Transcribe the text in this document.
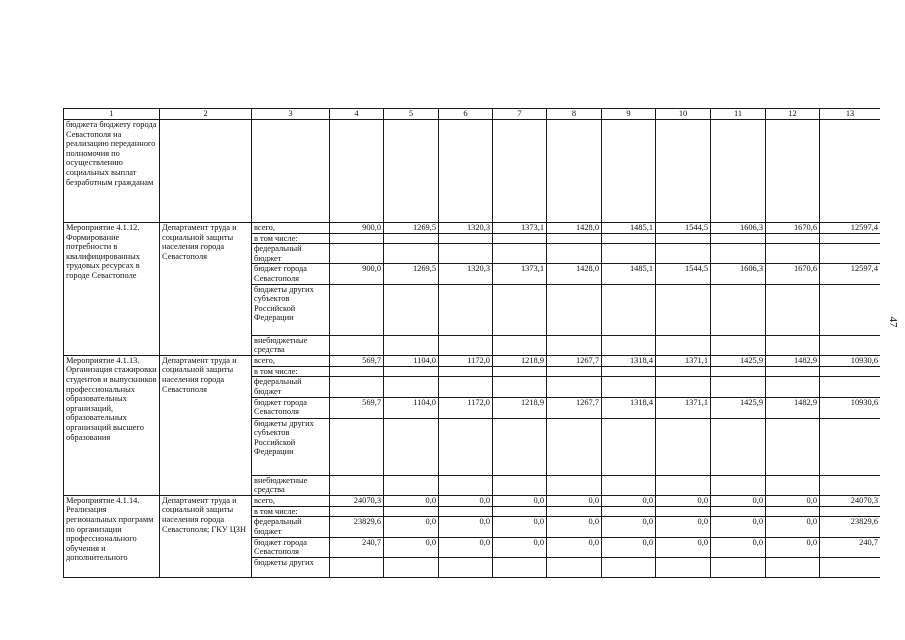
1	2	3	4	5	6	7	8	9	10	11	12	13
бюджета бюджету города Севастополя на реализацию переданного полномочия по осуществлению социальных выплат безработным гражданам												
Мероприятие 4.1.12. Формирование потребности в квалифицированных трудовых ресурсах в городе Севастополе	Департамент труда и социальной защиты населения города Севастополя	всего,	900,0	1269,5	1320,3	1373,1	1428,0	1485,1	1544,5	1606,3	1670,6	12597,4
		в том числе:										
		федеральный бюджет										
		бюджет города Севастополя	900,0	1269,5	1320,3	1373,1	1428,0	1485,1	1544,5	1606,3	1670,6	12597,4
		бюджеты других субъектов Российской Федерации										
		внебюджетные средства										
Мероприятие 4.1.13. Организация стажировки студентов и выпускников профессиональных образовательных организаций, образовательных организаций высшего образования	Департамент труда и социальной защиты населения города Севастополя	всего,	569,7	1104,0	1172,0	1218,9	1267,7	1318,4	1371,1	1425,9	1482,9	10930,6
		в том числе:										
		федеральный бюджет										
		бюджет города Севастополя	569,7	1104,0	1172,0	1218,9	1267,7	1318,4	1371,1	1425,9	1482,9	10930,6
		бюджеты других субъектов Российской Федерации										
		внебюджетные средства										
Мероприятие 4.1.14. Реализация региональных программ по организации профессионального обучения и дополнительного	Департамент труда и социальной защиты населения города Севастополя; ГКУ ЦЗН	всего,	24070,3	0,0	0,0	0,0	0,0	0,0	0,0	0,0	0,0	24070,3
		в том числе:										
		федеральный бюджет	23829,6	0,0	0,0	0,0	0,0	0,0	0,0	0,0	0,0	23829,6
		бюджет города Севастополя	240,7	0,0	0,0	0,0	0,0	0,0	0,0	0,0	0,0	240,7
		бюджеты других										
47
